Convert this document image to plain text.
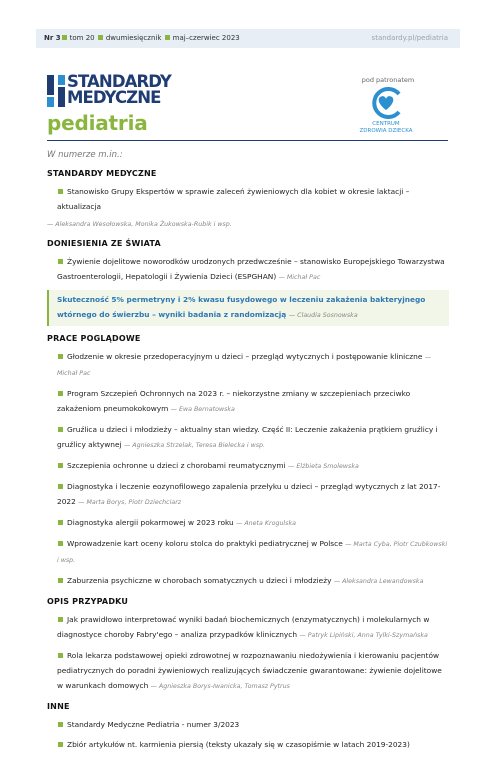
Nr 3 tom 20 dwumiesięcznik maj–czerwiec 2023	standardy.pl/pediatria
STANDARDY
MEDYCZNE
pediatria
pod patronatem
CENTRUM
ZDROWIA DZIECKA
W numerze m.in.:
STANDARDY MEDYCZNE
Stanowisko Grupy Ekspertów w sprawie zaleceń żywieniowych dla kobiet w okresie laktacji – aktualizacja
— Aleksandra Wesołowska, Monika Żukowska-Rubik i wsp.
DONIESIENIA ZE ŚWIATA
Żywienie dojelitowe noworodków urodzonych przedwcześnie – stanowisko Europejskiego Towarzystwa Gastroenterologii, Hepatologii i Żywienia Dzieci (ESPGHAN) — Michał Pac
Skuteczność 5% permetryny i 2% kwasu fusydowego w leczeniu zakażenia bakteryjnego wtórnego do świerzbu – wyniki badania z randomizacją — Claudia Sosnowska
PRACE POGLĄDOWE
Głodzenie w okresie przedoperacyjnym u dzieci – przegląd wytycznych i postępowanie kliniczne — Michał Pac
Program Szczepień Ochronnych na 2023 r. – niekorzystne zmiany w szczepieniach przeciwko zakażeniom pneumokokowym — Ewa Bernatowska
Gruźlica u dzieci i młodzieży – aktualny stan wiedzy. Część II: Leczenie zakażenia prątkiem gruźlicy i gruźlicy aktywnej — Agnieszka Strzelak, Teresa Bielecka i wsp.
Szczepienia ochronne u dzieci z chorobami reumatycznymi — Elżbieta Smolewska
Diagnostyka i leczenie eozynofilowego zapalenia przełyku u dzieci – przegląd wytycznych z lat 2017-2022 — Marta Borys, Piotr Dziechciarz
Diagnostyka alergii pokarmowej w 2023 roku — Aneta Krogulska
Wprowadzenie kart oceny koloru stolca do praktyki pediatrycznej w Polsce — Marta Cyba, Piotr Czubkowski i wsp.
Zaburzenia psychiczne w chorobach somatycznych u dzieci i młodzieży — Aleksandra Lewandowska
OPIS PRZYPADKU
Jak prawidłowo interpretować wyniki badań biochemicznych (enzymatycznych) i molekularnych w diagnostyce choroby Fabry'ego – analiza przypadków klinicznych — Patryk Lipiński, Anna Tylki-Szymańska
Rola lekarza podstawowej opieki zdrowotnej w rozpoznawaniu niedożywienia i kierowaniu pacjentów pediatrycznych do poradni żywieniowych realizujących świadczenie gwarantowane: żywienie dojelitowe w warunkach domowych — Agnieszka Borys-Iwanicka, Tomasz Pytrus
INNE
Standardy Medyczne Pediatria - numer 3/2023
Zbiór artykułów nt. karmienia piersią (teksty ukazały się w czasopiśmie w latach 2019-2023)
